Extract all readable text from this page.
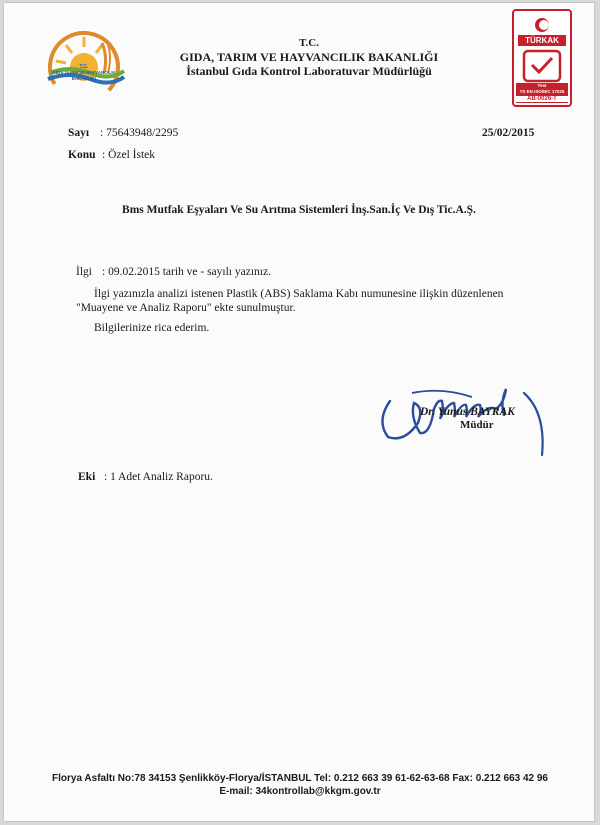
T.C.
GIDA TARIM VE HAYVANCILIK
BAKANLIĞI
T.C.
GIDA, TARIM VE HAYVANCILIK BAKANLIĞI
İstanbul Gıda Kontrol Laboratuvar Müdürlüğü
TÜRKAK
Test
TS EN ISO/IEC 17025
AB-0026-T
Sayı : 75643948/2295	25/02/2015
Konu : Özel İstek
Bms Mutfak Eşyaları Ve Su Arıtma Sistemleri İnş.San.İç Ve Dış Tic.A.Ş.
İlgi : 09.02.2015 tarih ve - sayılı yazınız.
İlgi yazınızla analizi istenen Plastik (ABS) Saklama Kabı numunesine ilişkin düzenlenen
"Muayene ve Analiz Raporu" ekte sunulmuştur.
Bilgilerinize rica ederim.
Dr. Yunus BAYRAK
Müdür
Eki : 1 Adet Analiz Raporu.
Florya Asfaltı No:78 34153 Şenlikköy-Florya/İSTANBUL Tel: 0.212 663 39 61-62-63-68 Fax: 0.212 663 42 96
E-mail: 34kontrollab@kkgm.gov.tr
